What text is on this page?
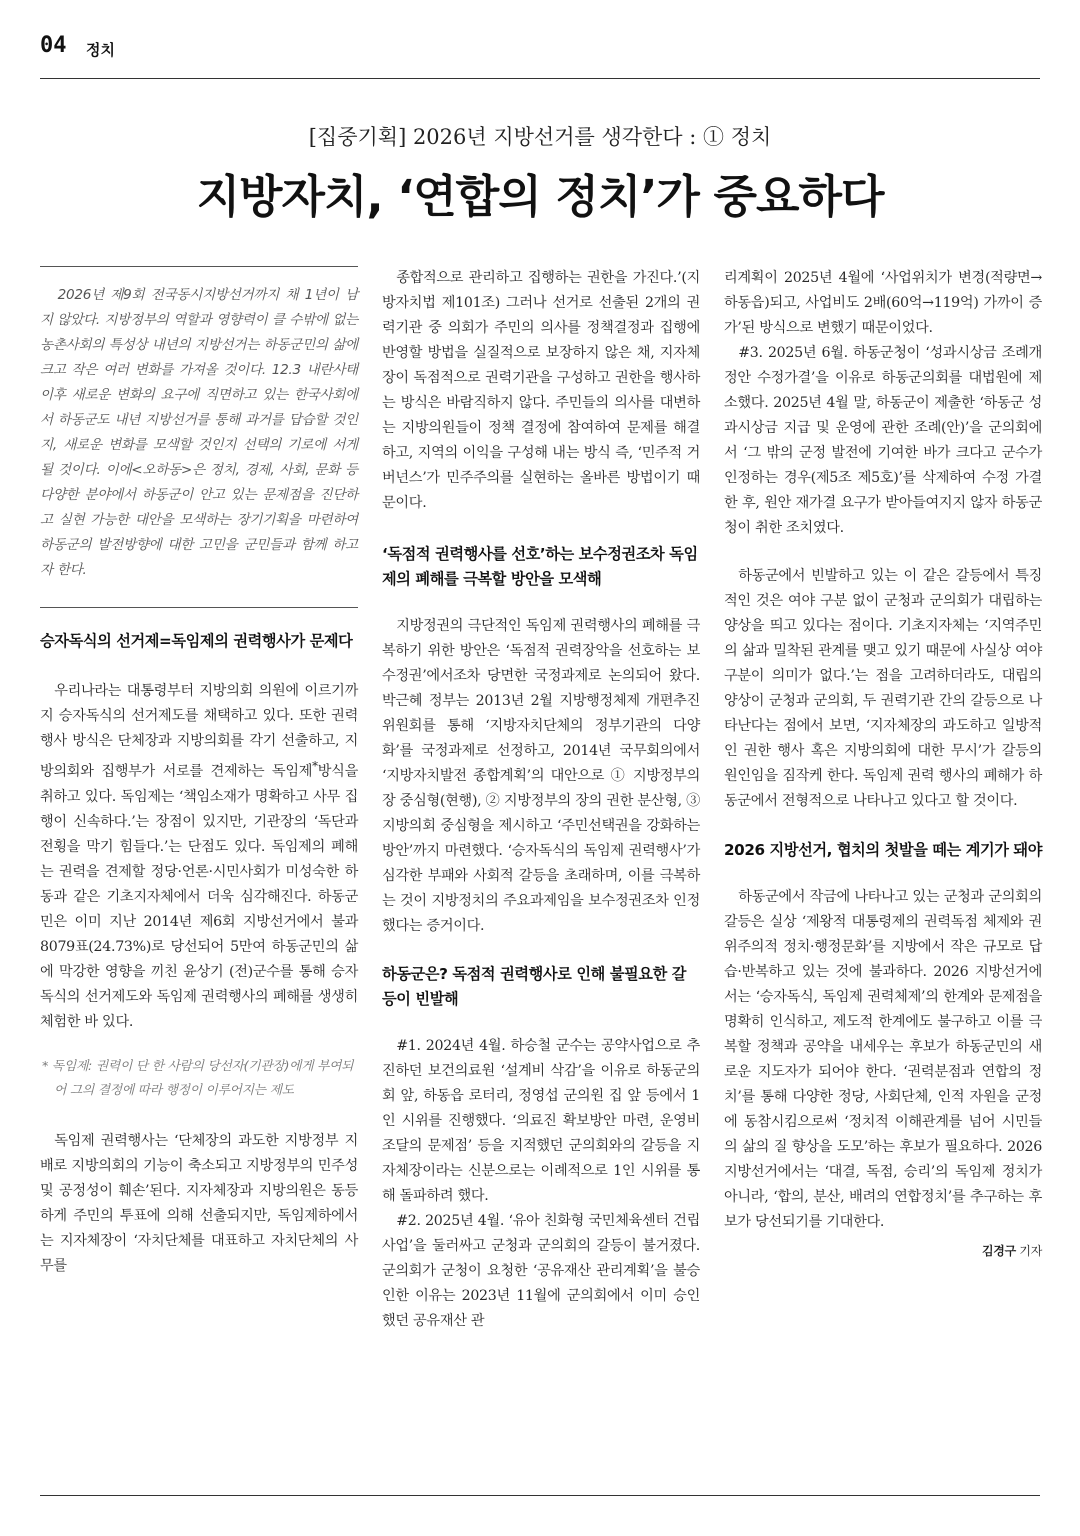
04 정치
[집중기획] 2026년 지방선거를 생각한다 : ① 정치
지방자치, ‘연합의 정치’가 중요하다

2026년 제9회 전국동시지방선거까지 채 1년이 남지 않았다. 지방정부의 역할과 영향력이 클 수밖에 없는 농촌사회의 특성상 내년의 지방선거는 하동군민의 삶에 크고 작은 여러 변화를 가져올 것이다. 12.3 내란사태 이후 새로운 변화의 요구에 직면하고 있는 한국사회에서 하동군도 내년 지방선거를 통해 과거를 답습할 것인지, 새로운 변화를 모색할 것인지 선택의 기로에 서게 될 것이다. 이에<오하동>은 정치, 경제, 사회, 문화 등 다양한 분야에서 하동군이 안고 있는 문제점을 진단하고 실현 가능한 대안을 모색하는 장기기획을 마련하여 하동군의 발전방향에 대한 고민을 군민들과 함께 하고자 한다.

승자독식의 선거제=독임제의 권력행사가 문제다

우리나라는 대통령부터 지방의회 의원에 이르기까지 승자독식의 선거제도를 채택하고 있다. 또한 권력행사 방식은 단체장과 지방의회를 각기 선출하고, 지방의회와 집행부가 서로를 견제하는 독임제*방식을 취하고 있다. 독임제는 ‘책임소재가 명확하고 사무 집행이 신속하다.’는 장점이 있지만, 기관장의 ‘독단과 전횡을 막기 힘들다.’는 단점도 있다. 독임제의 폐해는 권력을 견제할 정당·언론·시민사회가 미성숙한 하동과 같은 기초지자체에서 더욱 심각해진다. 하동군민은 이미 지난 2014년 제6회 지방선거에서 불과 8079표(24.73%)로 당선되어 5만여 하동군민의 삶에 막강한 영향을 끼친 윤상기 (전)군수를 통해 승자독식의 선거제도와 독임제 권력행사의 폐해를 생생히 체험한 바 있다.

* 독임제: 권력이 단 한 사람의 당선자(기관장)에게 부여되어 그의 결정에 따라 행정이 이루어지는 제도

독임제 권력행사는 ‘단체장의 과도한 지방정부 지배로 지방의회의 기능이 축소되고 지방정부의 민주성 및 공정성이 훼손’된다. 지자체장과 지방의원은 동등하게 주민의 투표에 의해 선출되지만, 독임제하에서는 지자체장이 ‘자치단체를 대표하고 자치단체의 사무를

종합적으로 관리하고 집행하는 권한을 가진다.’(지방자치법 제101조) 그러나 선거로 선출된 2개의 권력기관 중 의회가 주민의 의사를 정책결정과 집행에 반영할 방법을 실질적으로 보장하지 않은 채, 지자체장이 독점적으로 권력기관을 구성하고 권한을 행사하는 방식은 바람직하지 않다. 주민들의 의사를 대변하는 지방의원들이 정책 결정에 참여하여 문제를 해결하고, 지역의 이익을 구성해 내는 방식 즉, ‘민주적 거버넌스’가 민주주의를 실현하는 올바른 방법이기 때문이다.

‘독점적 권력행사를 선호’하는 보수정권조차 독임제의 폐해를 극복할 방안을 모색해

지방정권의 극단적인 독임제 권력행사의 폐해를 극복하기 위한 방안은 ‘독점적 권력장악을 선호하는 보수정권’에서조차 당면한 국정과제로 논의되어 왔다. 박근혜 정부는 2013년 2월 지방행정체제 개편추진위원회를 통해 ‘지방자치단체의 정부기관의 다양화’를 국정과제로 선정하고, 2014년 국무회의에서 ‘지방자치발전 종합계획’의 대안으로 ① 지방정부의 장 중심형(현행), ② 지방정부의 장의 권한 분산형, ③ 지방의회 중심형을 제시하고 ‘주민선택권을 강화하는 방안’까지 마련했다. ‘승자독식의 독임제 권력행사’가 심각한 부패와 사회적 갈등을 초래하며, 이를 극복하는 것이 지방정치의 주요과제임을 보수정권조차 인정했다는 증거이다.

하동군은? 독점적 권력행사로 인해 불필요한 갈등이 빈발해

#1. 2024년 4월. 하승철 군수는 공약사업으로 추진하던 보건의료원 ‘설계비 삭감’을 이유로 하동군의회 앞, 하동읍 로터리, 정영섭 군의원 집 앞 등에서 1인 시위를 진행했다. ‘의료진 확보방안 마련, 운영비 조달의 문제점’ 등을 지적했던 군의회와의 갈등을 지자체장이라는 신분으로는 이례적으로 1인 시위를 통해 돌파하려 했다.

#2. 2025년 4월. ‘유아 친화형 국민체육센터 건립 사업’을 둘러싸고 군청과 군의회의 갈등이 불거졌다. 군의회가 군청이 요청한 ‘공유재산 관리계획’을 불승인한 이유는 2023년 11월에 군의회에서 이미 승인했던 공유재산 관

리계획이 2025년 4월에 ‘사업위치가 변경(적량면→하동읍)되고, 사업비도 2배(60억→119억) 가까이 증가’된 방식으로 변했기 때문이었다.

#3. 2025년 6월. 하동군청이 ‘성과시상금 조례개정안 수정가결’을 이유로 하동군의회를 대법원에 제소했다. 2025년 4월 말, 하동군이 제출한 ‘하동군 성과시상금 지급 및 운영에 관한 조례(안)’을 군의회에서 ‘그 밖의 군정 발전에 기여한 바가 크다고 군수가 인정하는 경우(제5조 제5호)’를 삭제하여 수정 가결한 후, 원안 재가결 요구가 받아들여지지 않자 하동군청이 취한 조치였다.

하동군에서 빈발하고 있는 이 같은 갈등에서 특징적인 것은 여야 구분 없이 군청과 군의회가 대립하는 양상을 띄고 있다는 점이다. 기초지자체는 ‘지역주민의 삶과 밀착된 관계를 맺고 있기 때문에 사실상 여야 구분이 의미가 없다.’는 점을 고려하더라도, 대립의 양상이 군청과 군의회, 두 권력기관 간의 갈등으로 나타난다는 점에서 보면, ‘지자체장의 과도하고 일방적인 권한 행사 혹은 지방의회에 대한 무시’가 갈등의 원인임을 짐작케 한다. 독임제 권력 행사의 폐해가 하동군에서 전형적으로 나타나고 있다고 할 것이다.

2026 지방선거, 협치의 첫발을 떼는 계기가 돼야

하동군에서 작금에 나타나고 있는 군청과 군의회의 갈등은 실상 ‘제왕적 대통령제의 권력독점 체제와 권위주의적 정치·행정문화’를 지방에서 작은 규모로 답습·반복하고 있는 것에 불과하다. 2026 지방선거에서는 ‘승자독식, 독임제 권력체제’의 한계와 문제점을 명확히 인식하고, 제도적 한계에도 불구하고 이를 극복할 정책과 공약을 내세우는 후보가 하동군민의 새로운 지도자가 되어야 한다. ‘권력분점과 연합의 정치’를 통해 다양한 정당, 사회단체, 인적 자원을 군정에 동참시킴으로써 ‘정치적 이해관계를 넘어 시민들의 삶의 질 향상을 도모’하는 후보가 필요하다. 2026 지방선거에서는 ‘대결, 독점, 승리’의 독임제 정치가 아니라, ‘합의, 분산, 배려의 연합정치’를 추구하는 후보가 당선되기를 기대한다.

김경구 기자
